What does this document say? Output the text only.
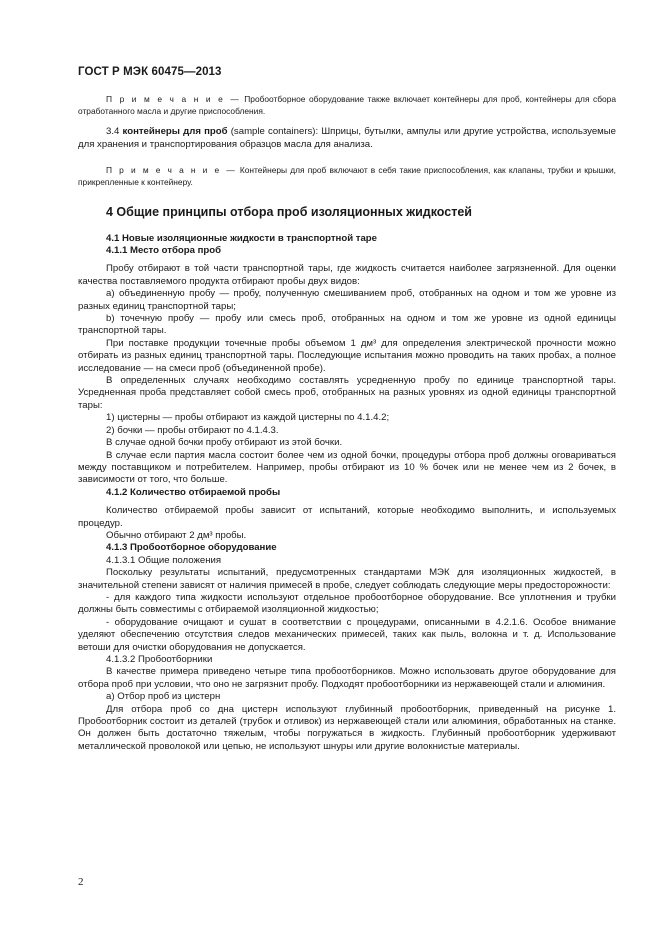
ГОСТ Р МЭК 60475—2013

П р и м е ч а н и е — Пробоотборное оборудование также включает контейнеры для проб, контейнеры для сбора отработанного масла и другие приспособления.

3.4 контейнеры для проб (sample containers): Шприцы, бутылки, ампулы или другие устройства, используемые для хранения и транспортирования образцов масла для анализа.

П р и м е ч а н и е — Контейнеры для проб включают в себя такие приспособления, как клапаны, трубки и крышки, прикрепленные к контейнеру.

4 Общие принципы отбора проб изоляционных жидкостей

4.1 Новые изоляционные жидкости в транспортной таре

4.1.1 Место отбора проб

Пробу отбирают в той части транспортной тары, где жидкость считается наиболее загрязненной. Для оценки качества поставляемого продукта отбирают пробы двух видов:

a) объединенную пробу — пробу, полученную смешиванием проб, отобранных на одном и том же уровне из разных единиц транспортной тары;

b) точечную пробу — пробу или смесь проб, отобранных на одном и том же уровне из одной единицы транспортной тары.

При поставке продукции точечные пробы объемом 1 дм³ для определения электрической прочности можно отбирать из разных единиц транспортной тары. Последующие испытания можно проводить на таких пробах, а полное исследование — на смеси проб (объединенной пробе).

В определенных случаях необходимо составлять усредненную пробу по единице транспортной тары. Усредненная проба представляет собой смесь проб, отобранных на разных уровнях из одной единицы транспортной тары:

1) цистерны — пробы отбирают из каждой цистерны по 4.1.4.2;

2) бочки — пробы отбирают по 4.1.4.3.

В случае одной бочки пробу отбирают из этой бочки.

В случае если партия масла состоит более чем из одной бочки, процедуры отбора проб должны оговариваться между поставщиком и потребителем. Например, пробы отбирают из 10 % бочек или не менее чем из 2 бочек, в зависимости от того, что больше.

4.1.2 Количество отбираемой пробы

Количество отбираемой пробы зависит от испытаний, которые необходимо выполнить, и используемых процедур.

Обычно отбирают 2 дм³ пробы.

4.1.3 Пробоотборное оборудование

4.1.3.1 Общие положения

Поскольку результаты испытаний, предусмотренных стандартами МЭК для изоляционных жидкостей, в значительной степени зависят от наличия примесей в пробе, следует соблюдать следующие меры предосторожности:

- для каждого типа жидкости используют отдельное пробоотборное оборудование. Все уплотнения и трубки должны быть совместимы с отбираемой изоляционной жидкостью;

- оборудование очищают и сушат в соответствии с процедурами, описанными в 4.2.1.6. Особое внимание уделяют обеспечению отсутствия следов механических примесей, таких как пыль, волокна и т. д. Использование ветоши для очистки оборудования не допускается.

4.1.3.2 Пробоотборники

В качестве примера приведено четыре типа пробоотборников. Можно использовать другое оборудование для отбора проб при условии, что оно не загрязнит пробу. Подходят пробоотборники из нержавеющей стали и алюминия.

а) Отбор проб из цистерн

Для отбора проб со дна цистерн используют глубинный пробоотборник, приведенный на рисунке 1. Пробоотборник состоит из деталей (трубок и отливок) из нержавеющей стали или алюминия, обработанных на станке. Он должен быть достаточно тяжелым, чтобы погружаться в жидкость. Глубинный пробоотборник удерживают металлической проволокой или цепью, не используют шнуры или другие волокнистые материалы.

2
